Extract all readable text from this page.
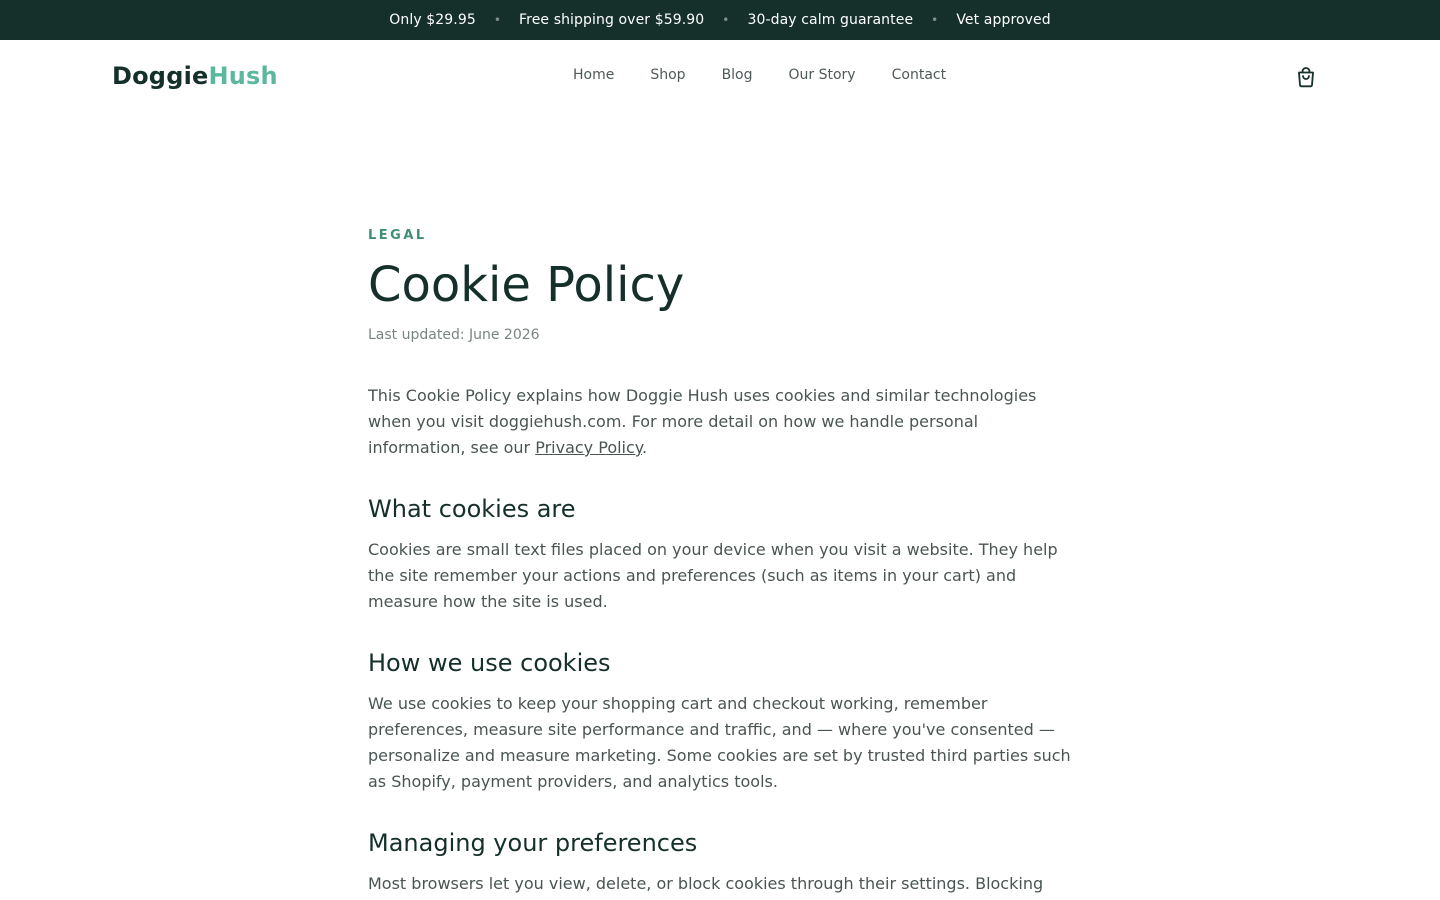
Only $29.95 • Free shipping over $59.90 • 30-day calm guarantee • Vet approved
DoggieHush	Home	Shop	Blog	Our Story	Contact
LEGAL
Cookie Policy
Last updated: June 2026

This Cookie Policy explains how Doggie Hush uses cookies and similar technologies when you visit doggiehush.com. For more detail on how we handle personal information, see our Privacy Policy.

What cookies are

Cookies are small text files placed on your device when you visit a website. They help the site remember your actions and preferences (such as items in your cart) and measure how the site is used.

How we use cookies

We use cookies to keep your shopping cart and checkout working, remember preferences, measure site performance and traffic, and — where you've consented — personalize and measure marketing. Some cookies are set by trusted third parties such as Shopify, payment providers, and analytics tools.

Managing your preferences

Most browsers let you view, delete, or block cookies through their settings. Blocking
